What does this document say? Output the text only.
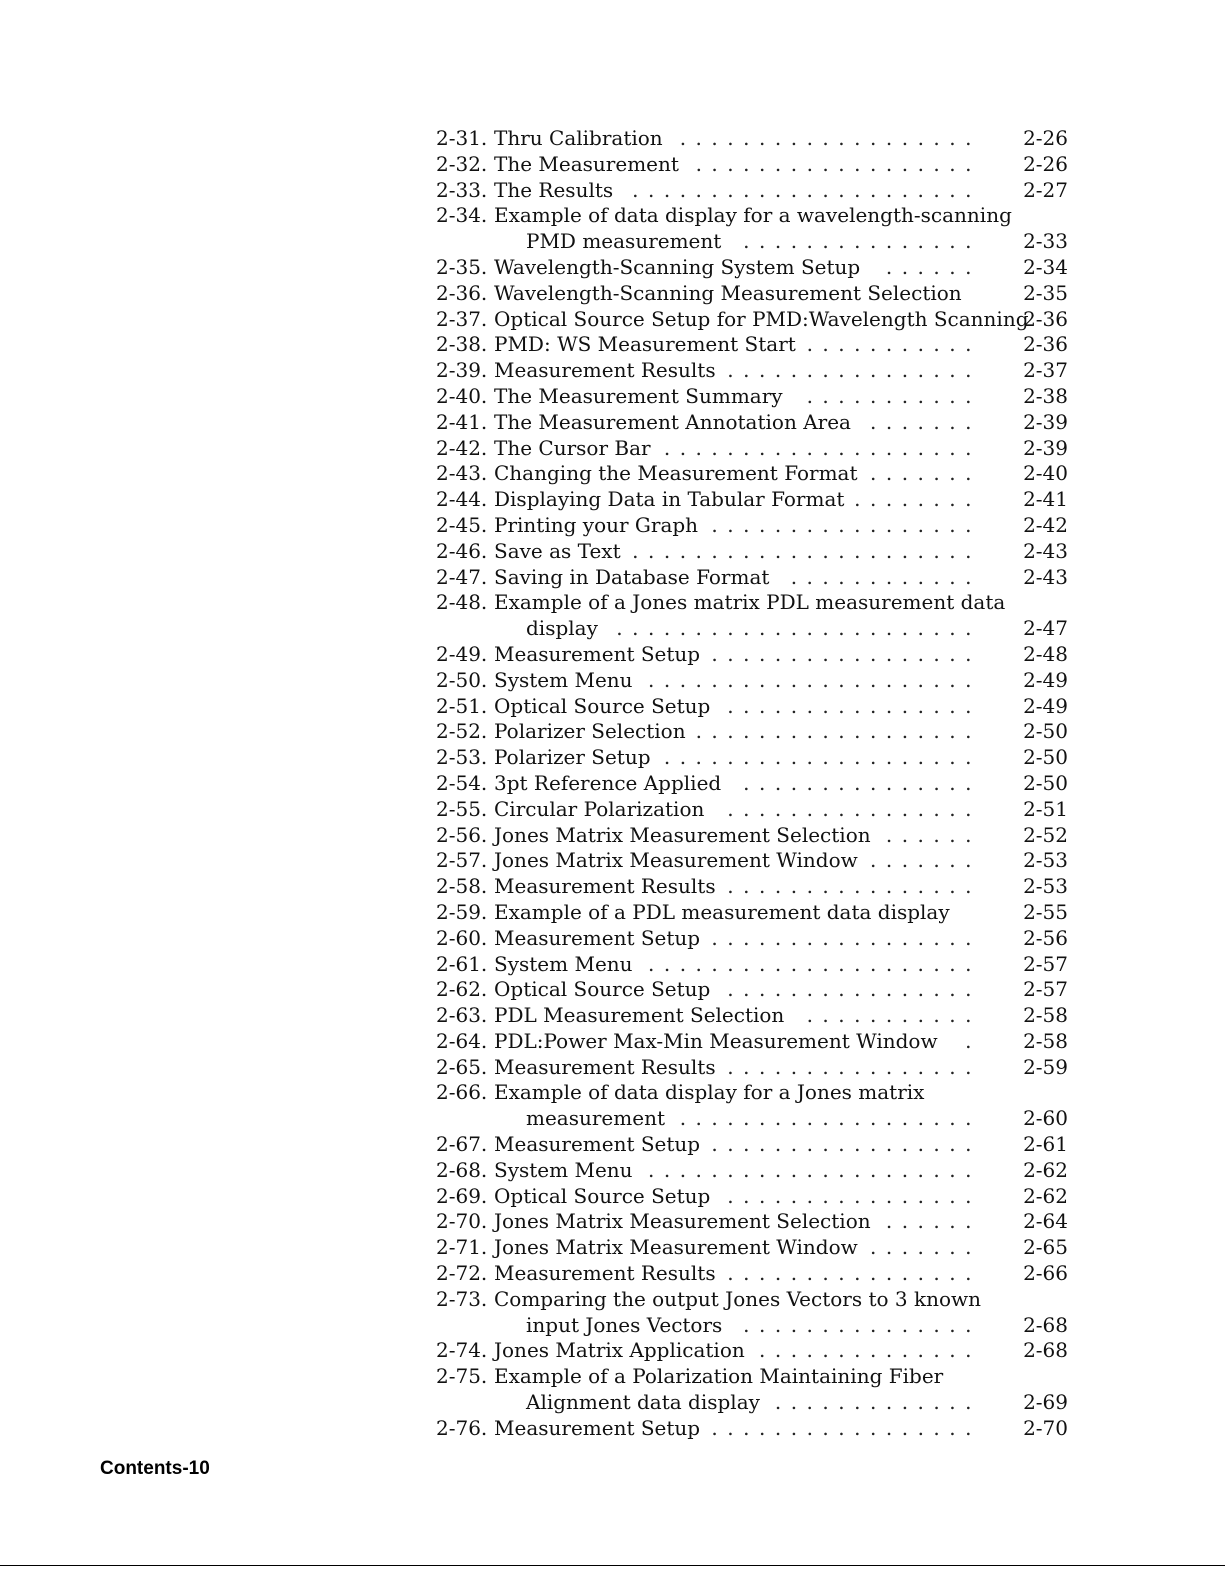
2-31. Thru Calibration	2-26
...................
2-32. The Measurement	2-26
..................
2-33. The Results	2-27
......................
2-34. Example of data display for a wavelength-scanning
PMD measurement	2-33
...............
2-35. Wavelength-Scanning System Setup	2-34
......
2-36. Wavelength-Scanning Measurement Selection	2-35
2-37. Optical Source Setup for PMD:Wavelength Scanning
2-36
2-38. PMD: WS Measurement Start	2-36
...........
2-39. Measurement Results	2-37
................
2-40. The Measurement Summary	2-38
...........
2-41. The Measurement Annotation Area	2-39
.......
2-42. The Cursor Bar	2-39
....................
2-43. Changing the Measurement Format	2-40
.......
2-44. Displaying Data in Tabular Format	2-41
........
2-45. Printing your Graph	2-42
.................
2-46. Save as Text	2-43
......................
2-47. Saving in Database Format	2-43
............
2-48. Example of a Jones matrix PDL measurement data
display	2-47
.......................
2-49. Measurement Setup	2-48
.................
2-50. System Menu	2-49
.....................
2-51. Optical Source Setup	2-49
................
2-52. Polarizer Selection	2-50
..................
2-53. Polarizer Setup	2-50
....................
2-54. 3pt Reference Applied	2-50
...............
2-55. Circular Polarization	2-51
................
2-56. Jones Matrix Measurement Selection	2-52
......
2-57. Jones Matrix Measurement Window	2-53
.......
2-58. Measurement Results	2-53
................
2-59. Example of a PDL measurement data display	2-55
2-60. Measurement Setup	2-56
.................
2-61. System Menu	2-57
.....................
2-62. Optical Source Setup	2-57
................
2-63. PDL Measurement Selection	2-58
...........
2-64. PDL:Power Max-Min Measurement Window	2-58
.
2-65. Measurement Results	2-59
................
2-66. Example of data display for a Jones matrix
measurement	2-60
...................
2-67. Measurement Setup	2-61
.................
2-68. System Menu	2-62
.....................
2-69. Optical Source Setup	2-62
................
2-70. Jones Matrix Measurement Selection	2-64
......
2-71. Jones Matrix Measurement Window	2-65
.......
2-72. Measurement Results	2-66
................
2-73. Comparing the output Jones Vectors to 3 known
input Jones Vectors	2-68
...............
2-74. Jones Matrix Application	2-68
..............
2-75. Example of a Polarization Maintaining Fiber
Alignment data display	2-69
.............
2-76. Measurement Setup	2-70
.................
Contents-10
